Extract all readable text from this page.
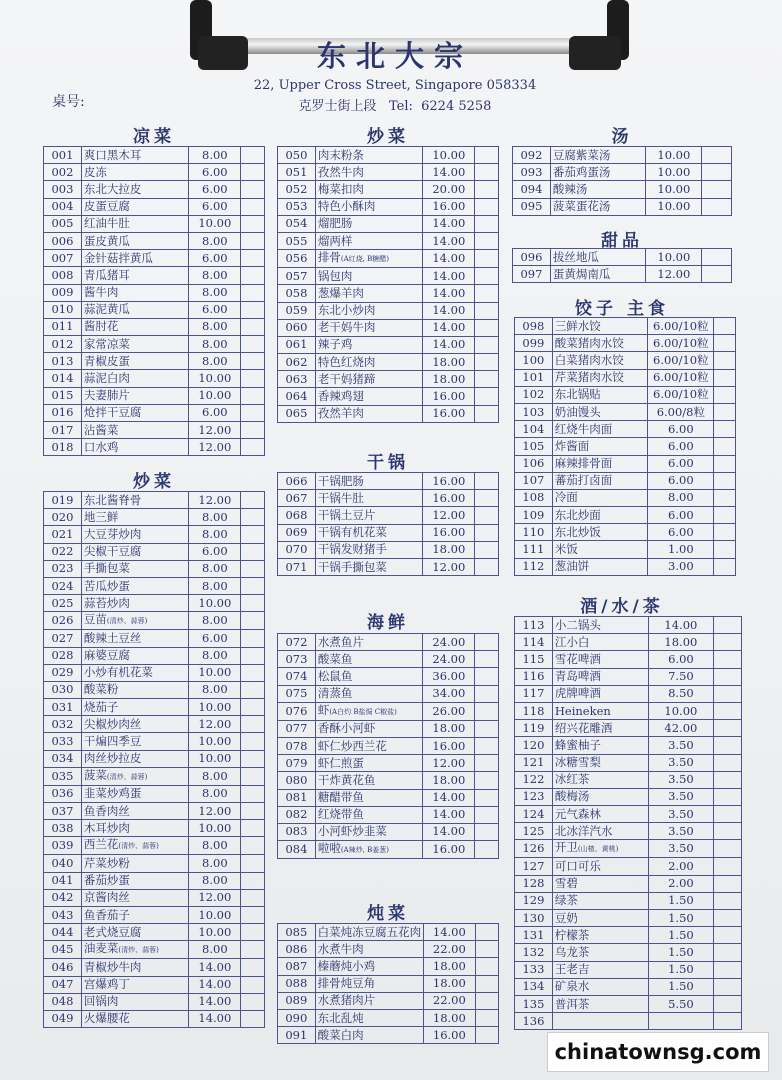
东北大宗
22, Upper Cross Street, Singapore 058334
克罗士街上段 Tel: 6224 5258
桌号:
凉菜
炒菜
炒菜
干锅
海鲜
炖菜
汤
甜品
饺子 主食
酒/水/茶
001	爽口黑木耳	8.00	
002	皮冻	6.00	
003	东北大拉皮	6.00	
004	皮蛋豆腐	6.00	
005	红油牛肚	10.00	
006	蛋皮黄瓜	8.00	
007	金针菇拌黄瓜	6.00	
008	青瓜猪耳	8.00	
009	酱牛肉	8.00	
010	蒜泥黄瓜	6.00	
011	酱肘花	8.00	
012	家常凉菜	8.00	
013	青椒皮蛋	8.00	
014	蒜泥白肉	10.00	
015	夫妻肺片	10.00	
016	炝拌干豆腐	6.00	
017	沾酱菜	12.00	
018	口水鸡	12.00	
019	东北酱脊骨	12.00	
020	地三鲜	8.00	
021	大豆芽炒肉	8.00	
022	尖椒干豆腐	6.00	
023	手撕包菜	8.00	
024	苦瓜炒蛋	8.00	
025	蒜苔炒肉	10.00	
026	豆苗(清炒、蒜蓉)	8.00	
027	酸辣土豆丝	6.00	
028	麻婆豆腐	8.00	
029	小炒有机花菜	10.00	
030	酸菜粉	8.00	
031	烧茄子	10.00	
032	尖椒炒肉丝	12.00	
033	干煸四季豆	10.00	
034	肉丝炒拉皮	10.00	
035	菠菜(清炒、蒜蓉)	8.00	
036	韭菜炒鸡蛋	8.00	
037	鱼香肉丝	12.00	
038	木耳炒肉	10.00	
039	西兰花(清炒、蒜蓉)	8.00	
040	芹菜炒粉	8.00	
041	番茄炒蛋	8.00	
042	京酱肉丝	12.00	
043	鱼香茄子	10.00	
044	老式烧豆腐	10.00	
045	油麦菜(清炒、蒜蓉)	8.00	
046	青椒炒牛肉	14.00	
047	宫爆鸡丁	14.00	
048	回锅肉	14.00	
049	火爆腰花	14.00	
050	肉末粉条	10.00	
051	孜然牛肉	14.00	
052	梅菜扣肉	20.00	
053	特色小酥肉	16.00	
054	熘肥肠	14.00	
055	熘两样	14.00	
056	排骨(A红烧, B糖醋)	14.00	
057	锅包肉	14.00	
058	葱爆羊肉	14.00	
059	东北小炒肉	14.00	
060	老干妈牛肉	14.00	
061	辣子鸡	14.00	
062	特色红烧肉	18.00	
063	老干妈猪蹄	18.00	
064	香辣鸡翅	16.00	
065	孜然羊肉	16.00	
066	干锅肥肠	16.00	
067	干锅牛肚	16.00	
068	干锅土豆片	12.00	
069	干锅有机花菜	16.00	
070	干锅发财猪手	18.00	
071	干锅手撕包菜	12.00	
072	水煮鱼片	24.00	
073	酸菜鱼	24.00	
074	松鼠鱼	36.00	
075	清蒸鱼	34.00	
076	虾(A白灼 B盐焗 C椒盐)	26.00	
077	香酥小河虾	18.00	
078	虾仁炒西兰花	16.00	
079	虾仁煎蛋	12.00	
080	干炸黄花鱼	18.00	
081	糖醋带鱼	14.00	
082	红烧带鱼	14.00	
083	小河虾炒韭菜	14.00	
084	啦啦(A辣炒, B姜葱)	16.00	
085	白菜炖冻豆腐五花肉	14.00	
086	水煮牛肉	22.00	
087	榛蘑炖小鸡	18.00	
088	排骨炖豆角	18.00	
089	水煮猪肉片	22.00	
090	东北乱炖	18.00	
091	酸菜白肉	16.00	
092	豆腐紫菜汤	10.00	
093	番茄鸡蛋汤	10.00	
094	酸辣汤	10.00	
095	菠菜蛋花汤	10.00	
096	拔丝地瓜	10.00	
097	蛋黄焗南瓜	12.00	
098	三鲜水饺	6.00/10粒	
099	酸菜猪肉水饺	6.00/10粒	
100	白菜猪肉水饺	6.00/10粒	
101	芹菜猪肉水饺	6.00/10粒	
102	东北锅贴	6.00/10粒	
103	奶油馒头	6.00/8粒	
104	红烧牛肉面	6.00	
105	炸酱面	6.00	
106	麻辣排骨面	6.00	
107	蕃茄打卤面	6.00	
108	冷面	8.00	
109	东北炒面	6.00	
110	东北炒饭	6.00	
111	米饭	1.00	
112	葱油饼	3.00	
113	小二锅头	14.00	
114	江小白	18.00	
115	雪花啤酒	6.00	
116	青岛啤酒	7.50	
117	虎牌啤酒	8.50	
118	Heineken	10.00	
119	绍兴花雕酒	42.00	
120	蜂蜜柚子	3.50	
121	冰糖雪梨	3.50	
122	冰红茶	3.50	
123	酸梅汤	3.50	
124	元气森林	3.50	
125	北冰洋汽水	3.50	
126	开卫(山楂、黄桃)	3.50	
127	可口可乐	2.00	
128	雪碧	2.00	
129	绿茶	1.50	
130	豆奶	1.50	
131	柠檬茶	1.50	
132	乌龙茶	1.50	
133	王老吉	1.50	
134	矿泉水	1.50	
135	普洱茶	5.50	
136			
chinatownsg.com
